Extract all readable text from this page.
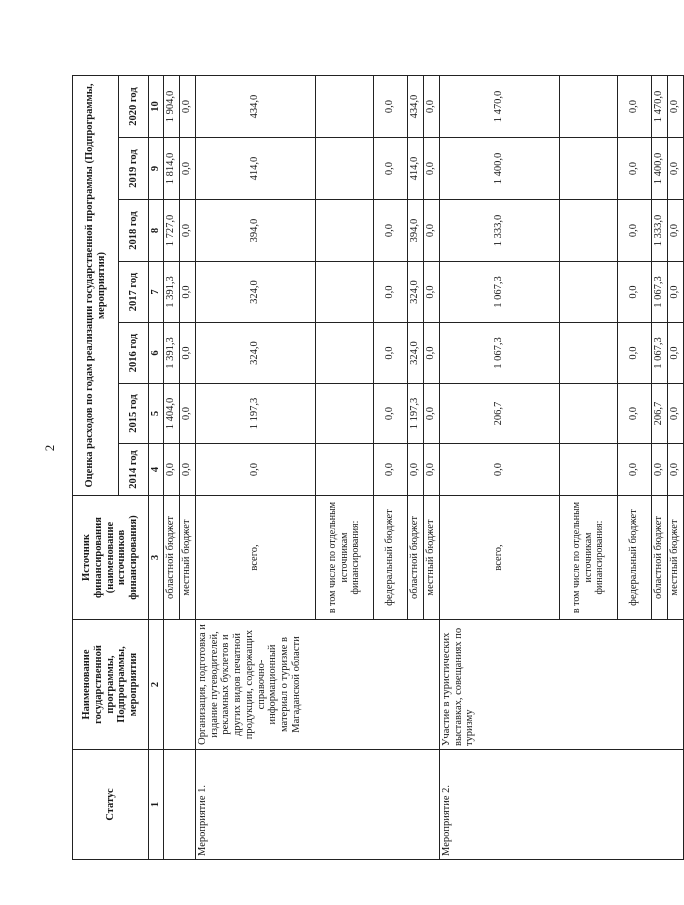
2
Статус	Наименование государственной программы, Подпрограммы, мероприятия	Источник финансирования (наименование источников финансирования)	Оценка расходов по годам реализации государственной программы (Подпрограммы, мероприятия)						
			2014 год	2015 год	2016 год	2017 год	2018 год	2019 год	2020 год
1	2	3	4	5	6	7	8	9	10
		областной бюджет	0,0	1 404,0	1 391,3	1 391,3	1 727,0	1 814,0	1 904,0
		местный бюджет	0,0	0,0	0,0	0,0	0,0	0,0	0,0
Мероприятие 1.	Организация, подготовка и издание путеводителей, рекламных буклетов и других видов печатной продукции, содержащих справочно-информационный материал о туризме в Магаданской области	всего,	0,0	1 197,3	324,0	324,0	394,0	414,0	434,0
		в том числе по отдельным источникам финансирования:							
		федеральный бюджет	0,0	0,0	0,0	0,0	0,0	0,0	0,0
		областной бюджет	0,0	1 197,3	324,0	324,0	394,0	414,0	434,0
		местный бюджет	0,0	0,0	0,0	0,0	0,0	0,0	0,0
Мероприятие 2.	Участие в туристических выставках, совещаниях по туризму	всего,	0,0	206,7	1 067,3	1 067,3	1 333,0	1 400,0	1 470,0
		в том числе по отдельным источникам финансирования:							
		федеральный бюджет	0,0	0,0	0,0	0,0	0,0	0,0	0,0
		областной бюджет	0,0	206,7	1 067,3	1 067,3	1 333,0	1 400,0	1 470,0
		местный бюджет	0,0	0,0	0,0	0,0	0,0	0,0	0,0
